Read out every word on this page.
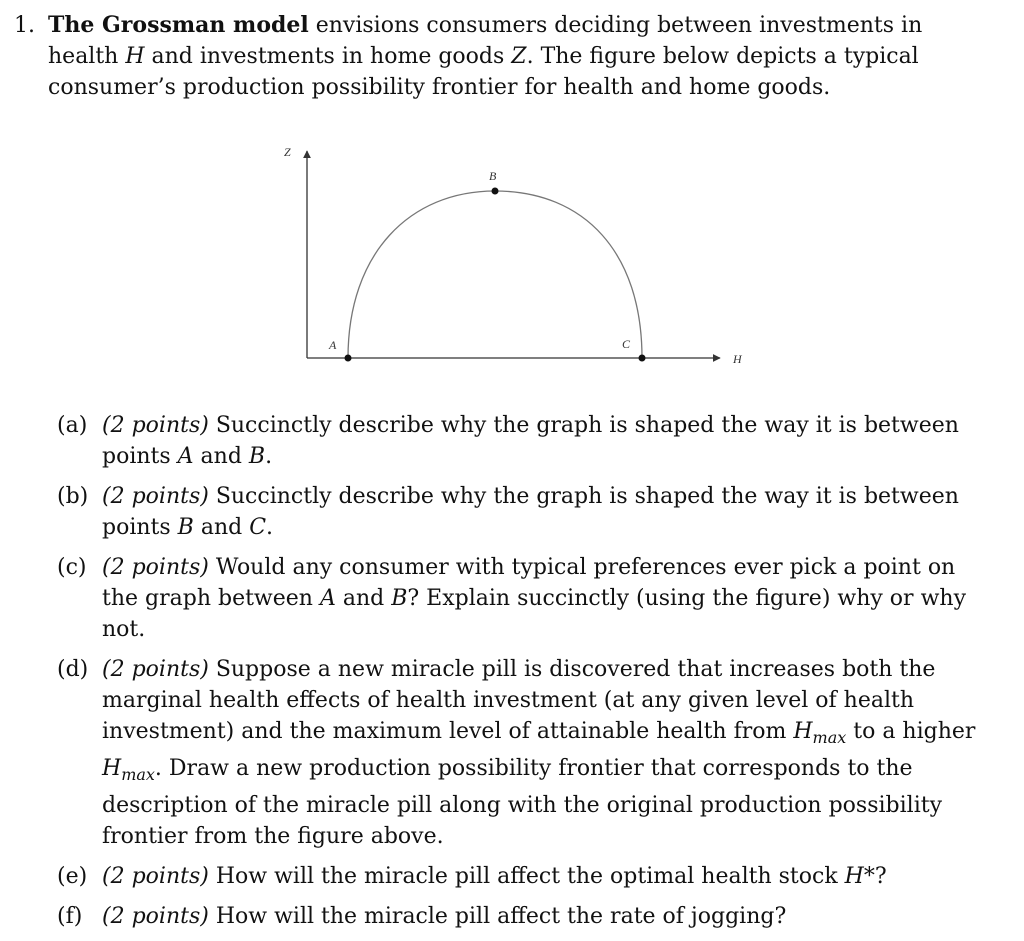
1. The Grossman model envisions consumers deciding between investments in health H and investments in home goods Z. The figure below depicts a typical consumer’s production possibility frontier for health and home goods.
Z
H
A
B
C
(a) (2 points) Succinctly describe why the graph is shaped the way it is between points A and B.
(b) (2 points) Succinctly describe why the graph is shaped the way it is between points B and C.
(c) (2 points) Would any consumer with typical preferences ever pick a point on the graph between A and B? Explain succinctly (using the figure) why or why not.
(d) (2 points) Suppose a new miracle pill is discovered that increases both the marginal health effects of health investment (at any given level of health investment) and the maximum level of attainable health from $H_{max}$ to a higher $H_{max}$. Draw a new production possibility frontier that corresponds to the description of the miracle pill along with the original production possibility frontier from the figure above.
(e) (2 points) How will the miracle pill affect the optimal health stock H*?
(f) (2 points) How will the miracle pill affect the rate of jogging?
